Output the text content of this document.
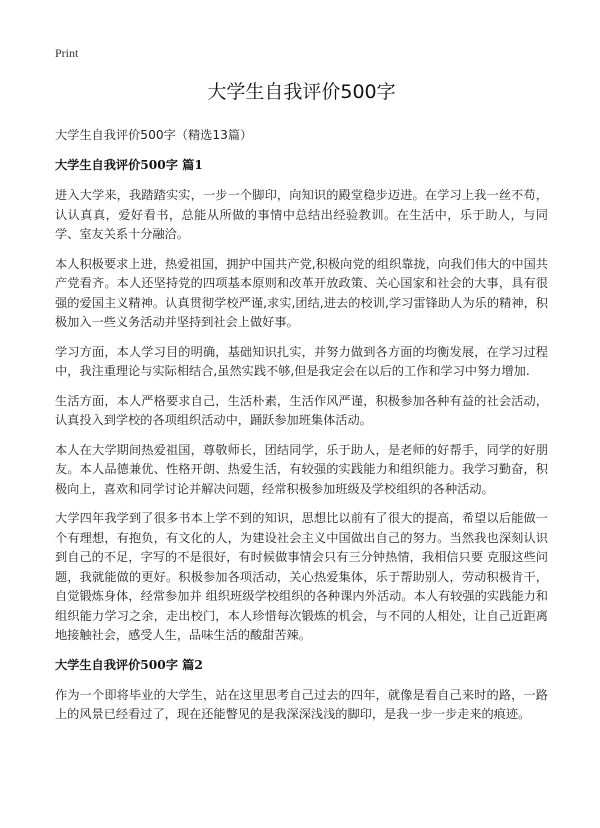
Print
大学生自我评价500字
大学生自我评价500字（精选13篇）
大学生自我评价500字 篇1

进入大学来，我踏踏实实，一步一个脚印，向知识的殿堂稳步迈进。在学习上我一丝不苟，认认真真，爱好看书，总能从所做的事情中总结出经验教训。在生活中，乐于助人，与同学、室友关系十分融洽。

本人积极要求上进，热爱祖国，拥护中国共产党,积极向党的组织靠拢，向我们伟大的中国共产党看齐。本人还坚持党的四项基本原则和改革开放政策、关心国家和社会的大事，具有很强的爱国主义精神。认真贯彻学校严谨,求实,团结,进去的校训,学习雷锋助人为乐的精神，积极加入一些义务活动并坚持到社会上做好事。

学习方面，本人学习目的明确，基础知识扎实，并努力做到各方面的均衡发展，在学习过程中，我注重理论与实际相结合,虽然实践不够,但是我定会在以后的工作和学习中努力增加.

生活方面，本人严格要求自己，生活朴素，生活作风严谨，积极参加各种有益的社会活动，认真投入到学校的各项组织活动中，踊跃参加班集体活动。

本人在大学期间热爱祖国，尊敬师长，团结同学，乐于助人，是老师的好帮手，同学的好朋友。本人品德兼优、性格开朗、热爱生活，有较强的实践能力和组织能力。我学习勤奋，积极向上，喜欢和同学讨论并解决问题，经常积极参加班级及学校组织的各种活动。

大学四年我学到了很多书本上学不到的知识，思想比以前有了很大的提高，希望以后能做一个有理想，有抱负，有文化的人，为建设社会主义中国做出自己的努力。当然我也深刻认识到自己的不足，字写的不是很好，有时候做事情会只有三分钟热情，我相信只要 克服这些问题，我就能做的更好。积极参加各项活动，关心热爱集体，乐于帮助别人，劳动积极肯干，自觉锻炼身体，经常参加并 组织班级学校组织的各种课内外活动。本人有较强的实践能力和组织能力学习之余，走出校门，本人珍惜每次锻炼的机会，与不同的人相处，让自己近距离地接触社会，感受人生，品味生活的酸甜苦辣。

大学生自我评价500字 篇2

作为一个即将毕业的大学生，站在这里思考自己过去的四年，就像是看自己来时的路，一路上的风景已经看过了，现在还能瞥见的是我深深浅浅的脚印，是我一步一步走来的痕迹。
